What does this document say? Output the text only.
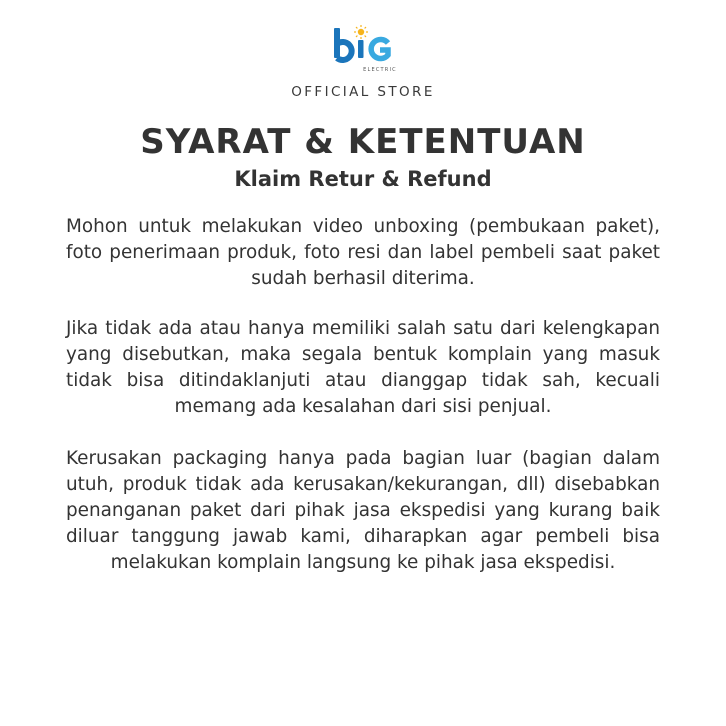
ELECTRIC
OFFICIAL STORE
SYARAT & KETENTUAN
Klaim Retur & Refund

Mohon untuk melakukan video unboxing (pembukaan paket), foto penerimaan produk, foto resi dan label pembeli saat paket sudah berhasil diterima.

Jika tidak ada atau hanya memiliki salah satu dari kelengkapan yang disebutkan, maka segala bentuk komplain yang masuk tidak bisa ditindaklanjuti atau dianggap tidak sah, kecuali memang ada kesalahan dari sisi penjual.

Kerusakan packaging hanya pada bagian luar (bagian dalam utuh, produk tidak ada kerusakan/kekurangan, dll) disebabkan penanganan paket dari pihak jasa ekspedisi yang kurang baik diluar tanggung jawab kami, diharapkan agar pembeli bisa melakukan komplain langsung ke pihak jasa ekspedisi.
